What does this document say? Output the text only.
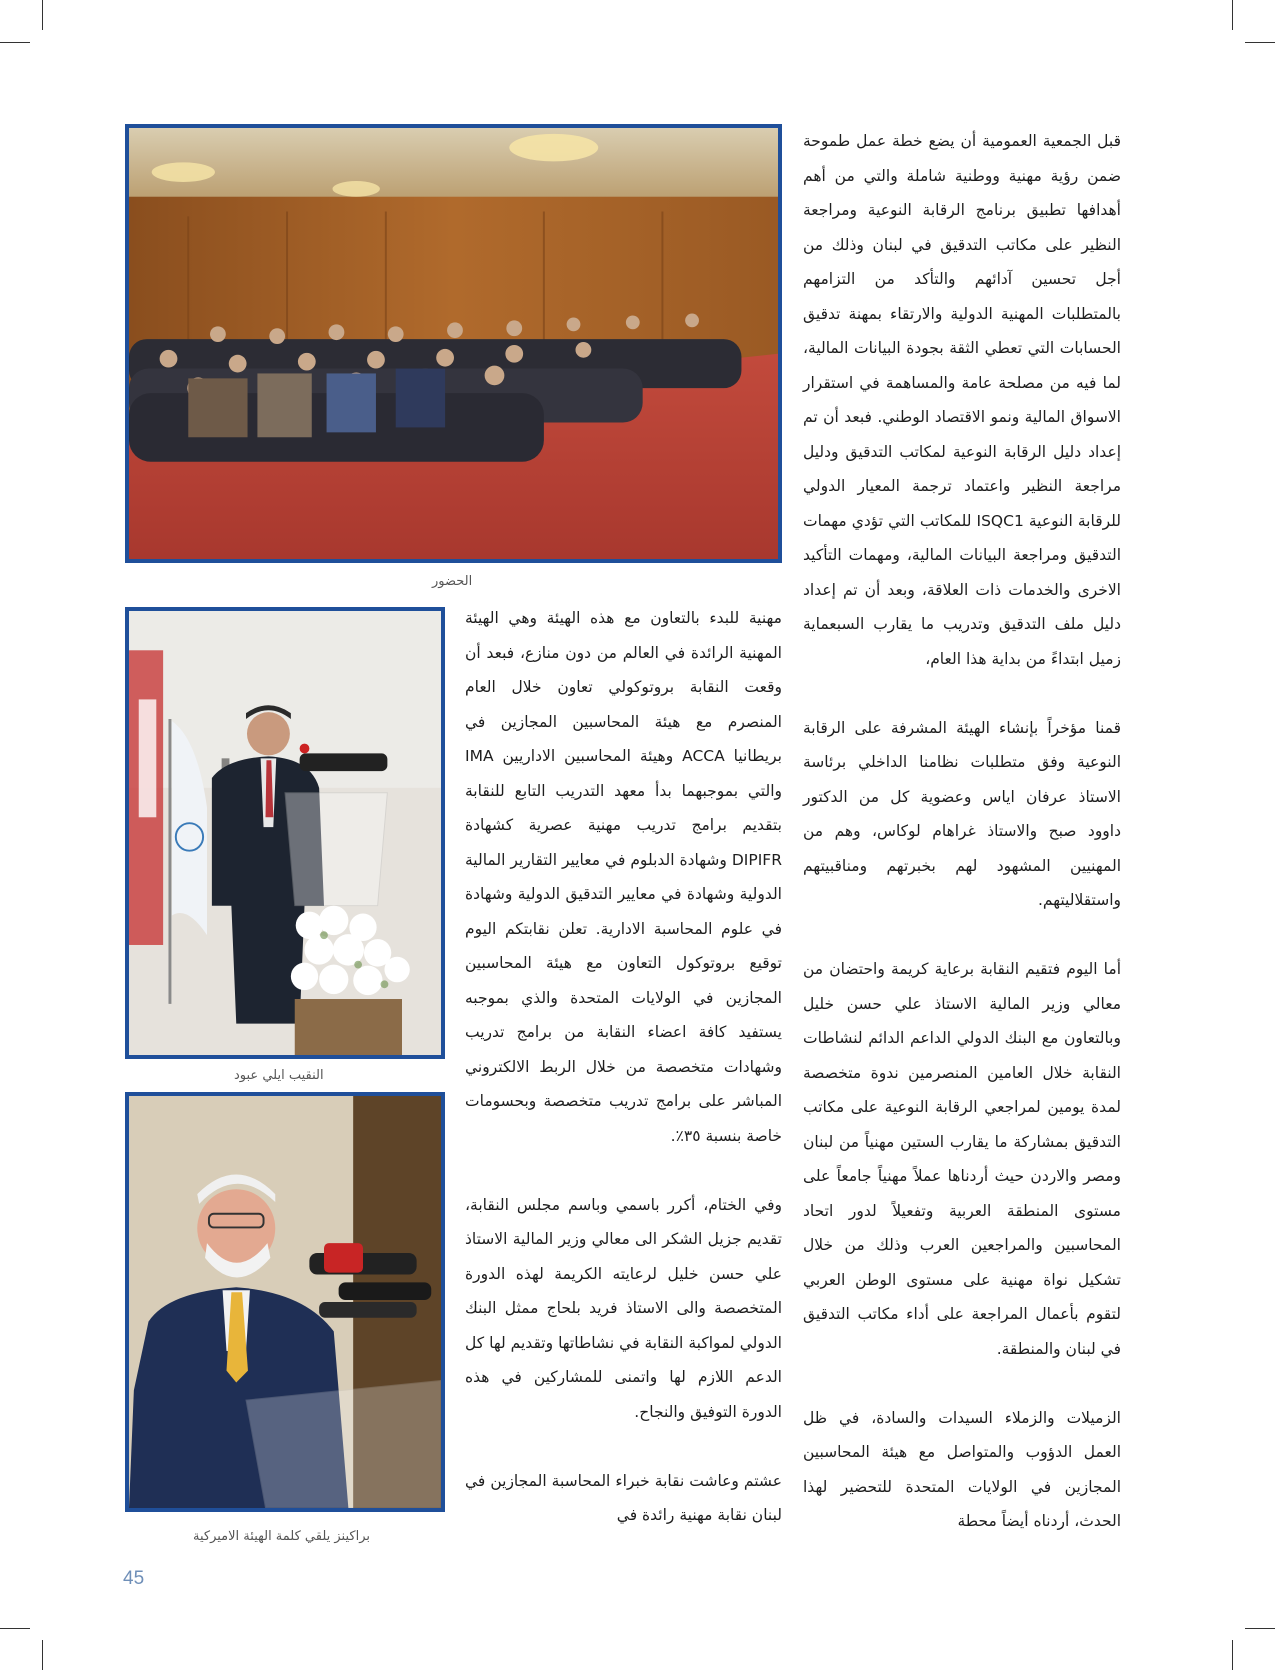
قبل الجمعية العمومية أن يضع خطة عمل طموحة ضمن رؤية مهنية ووطنية شاملة والتي من أهم أهدافها تطبيق برنامج الرقابة النوعية ومراجعة النظير على مكاتب التدقيق في لبنان وذلك من أجل تحسين آدائهم والتأكد من التزامهم بالمتطلبات المهنية الدولية والارتقاء بمهنة تدقيق الحسابات التي تعطي الثقة بجودة البيانات المالية، لما فيه من مصلحة عامة والمساهمة في استقرار الاسواق المالية ونمو الاقتصاد الوطني. فبعد أن تم إعداد دليل الرقابة النوعية لمكاتب التدقيق ودليل مراجعة النظير واعتماد ترجمة المعيار الدولي للرقابة النوعية ISQC1 للمكاتب التي تؤدي مهمات التدقيق ومراجعة البيانات المالية، ومهمات التأكيد الاخرى والخدمات ذات العلاقة، وبعد أن تم إعداد دليل ملف التدقيق وتدريب ما يقارب السبعماية زميل ابتداءً من بداية هذا العام،

قمنا مؤخراً بإنشاء الهيئة المشرفة على الرقابة النوعية وفق متطلبات نظامنا الداخلي برئاسة الاستاذ عرفان اياس وعضوية كل من الدكتور داوود صبح والاستاذ غراهام لوكاس، وهم من المهنيين المشهود لهم بخبرتهم ومناقبيتهم واستقلاليتهم.

أما اليوم فتقيم النقابة برعاية كريمة واحتضان من معالي وزير المالية الاستاذ علي حسن خليل وبالتعاون مع البنك الدولي الداعم الدائم لنشاطات النقابة خلال العامين المنصرمين ندوة متخصصة لمدة يومين لمراجعي الرقابة النوعية على مكاتب التدقيق بمشاركة ما يقارب الستين مهنياً من لبنان ومصر والاردن حيث أردناها عملاً مهنياً جامعاً على مستوى المنطقة العربية وتفعيلاً لدور اتحاد المحاسبين والمراجعين العرب وذلك من خلال تشكيل نواة مهنية على مستوى الوطن العربي لتقوم بأعمال المراجعة على أداء مكاتب التدقيق في لبنان والمنطقة.

الزميلات والزملاء السيدات والسادة، في ظل العمل الدؤوب والمتواصل مع هيئة المحاسبين المجازين في الولايات المتحدة للتحضير لهذا الحدث، أردناه أيضاً محطة

مهنية للبدء بالتعاون مع هذه الهيئة وهي الهيئة المهنية الرائدة في العالم من دون منازع، فبعد أن وقعت النقابة بروتوكولي تعاون خلال العام المنصرم مع هيئة المحاسبين المجازين في بريطانيا ACCA وهيئة المحاسبين الاداريين IMA والتي بموجبهما بدأ معهد التدريب التابع للنقابة بتقديم برامج تدريب مهنية عصرية كشهادة DIPIFR وشهادة الدبلوم في معايير التقارير المالية الدولية وشهادة في معايير التدقيق الدولية وشهادة في علوم المحاسبة الادارية. تعلن نقابتكم اليوم توقيع بروتوكول التعاون مع هيئة المحاسبين المجازين في الولايات المتحدة والذي بموجبه يستفيد كافة اعضاء النقابة من برامج تدريب وشهادات متخصصة من خلال الربط الالكتروني المباشر على برامج تدريب متخصصة وبحسومات خاصة بنسبة ٣٥٪.

وفي الختام، أكرر باسمي وباسم مجلس النقابة، تقديم جزيل الشكر الى معالي وزير المالية الاستاذ علي حسن خليل لرعايته الكريمة لهذه الدورة المتخصصة والى الاستاذ فريد بلحاج ممثل البنك الدولي لمواكبة النقابة في نشاطاتها وتقديم لها كل الدعم اللازم لها واتمنى للمشاركين في هذه الدورة التوفيق والنجاح.

عشتم وعاشت نقابة خبراء المحاسبة المجازين في لبنان نقابة مهنية رائدة في

الحضور
النقيب ايلي عبود
براكينز يلقي كلمة الهيئة الاميركية
45
